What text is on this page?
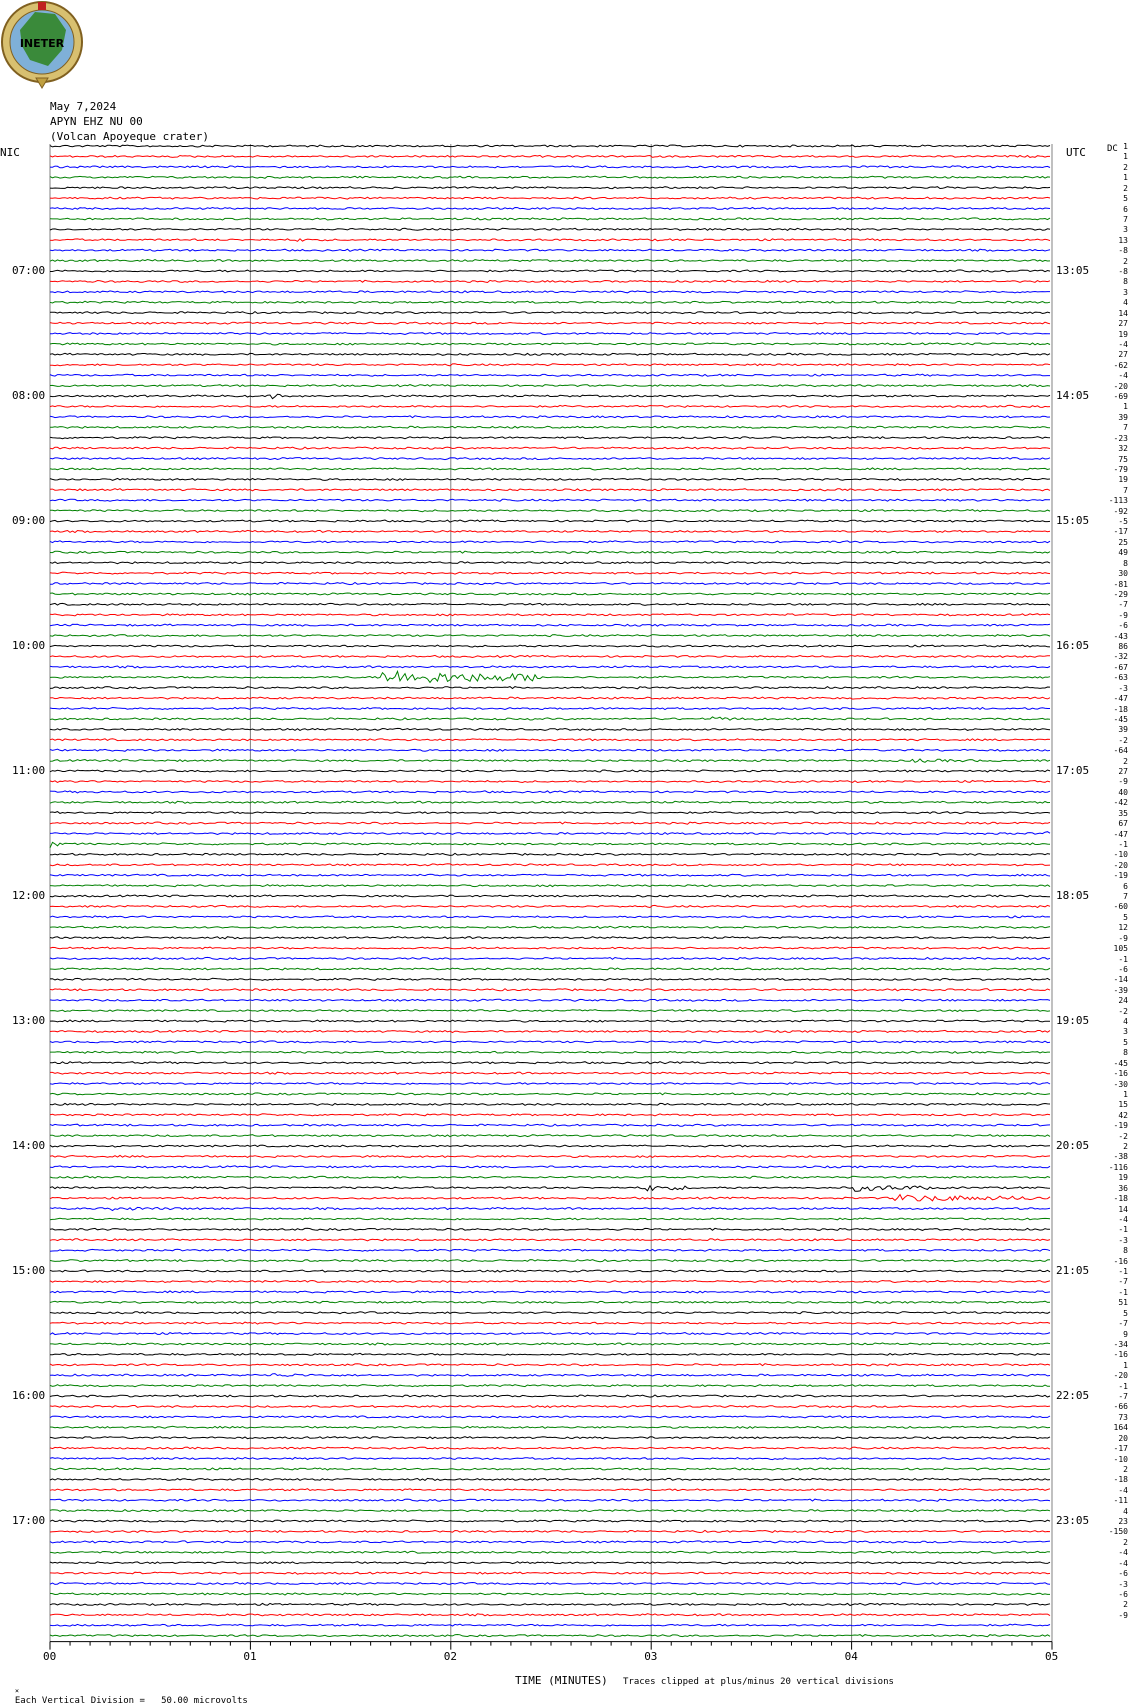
INETER
May 7,2024
APYN EHZ NU 00
(Volcan Apoyeque crater)
NIC	UTC DC
00	01	02	03	04	05
07:00	13:05
08:00	14:05
09:00	15:05
10:00	16:05
11:00	17:05
12:00	18:05
13:00	19:05
14:00	20:05
15:00	21:05
16:00	22:05
17:00	23:05
1
1
2
1
2
5
6
7
3
13
-8
2
-8
8
3
4
14
27
19
-4
27
-62
-4
-20
-69
1
39
7
-23
32
75
-79
19
7
-113
-92
-5
-17
25
49
8
30
-81
-29
-7
-9
-6
-43
86
-32
-67
-63
-3
-47
-18
-45
39
-2
-64
2
27
-9
40
-42
35
67
-47
-1
-10
-20
-19
6
7
-60
5
12
-9
105
-1
-6
-14
-39
24
-2
4
3
5
8
-45
-16
-30
1
15
42
-19
-2
2
-38
-116
19
36
-18
14
-4
-1
-3
8
-16
-1
-7
-1
51
5
-7
9
-34
-16
1
-20
-1
-7
-66
73
164
20
-17
-10
2
-18
-4
-11
4
23
-150
2
-4
-4
-6
-3
-6
2
-9

⨯
Each Vertical Division =   50.00 microvolts

TIME (MINUTES) Traces clipped at plus/minus 20 vertical divisions
